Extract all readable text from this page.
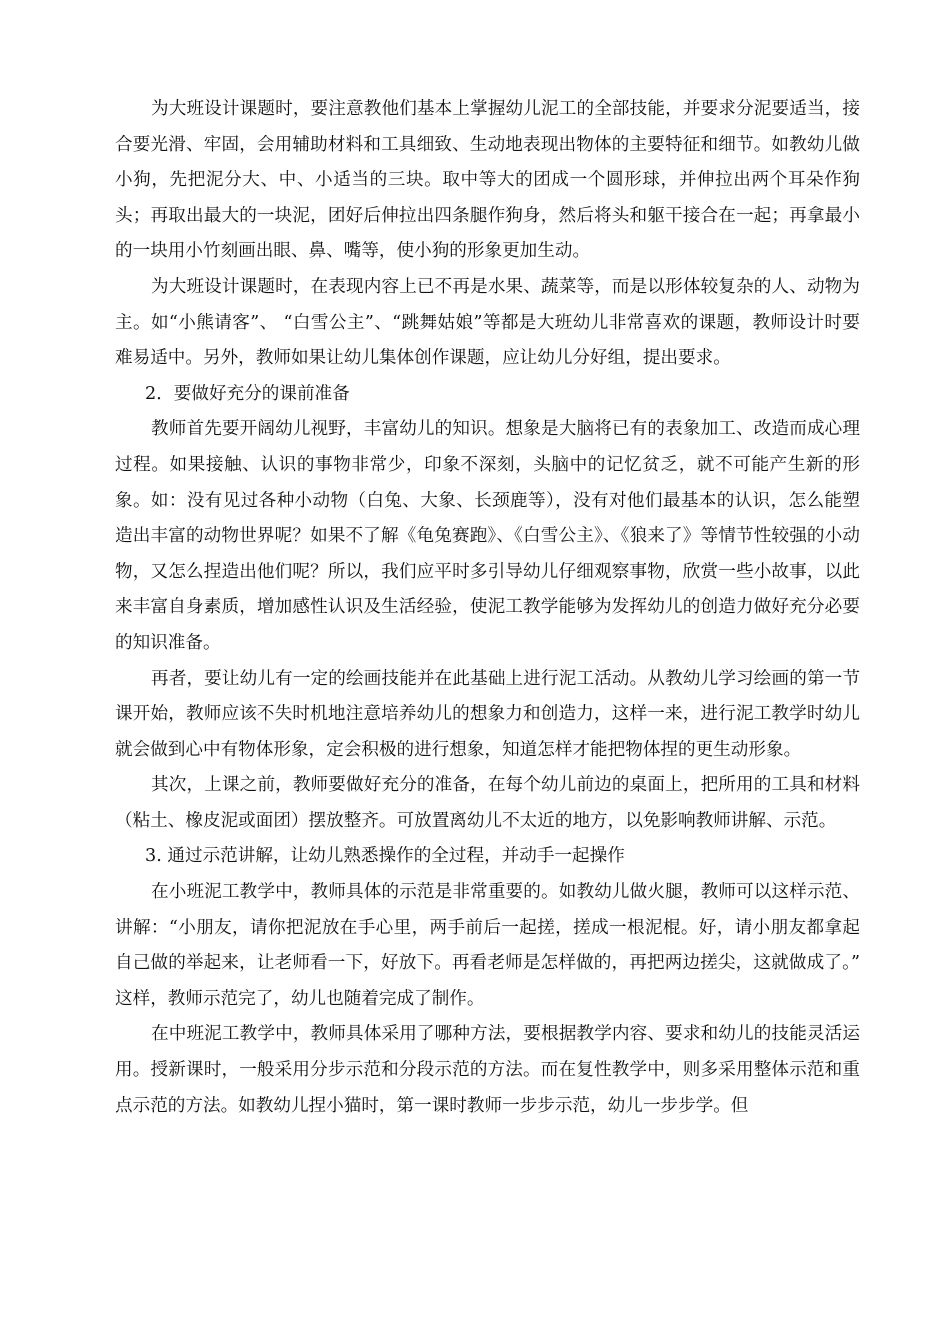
为大班设计课题时，要注意教他们基本上掌握幼儿泥工的全部技能，并要求分泥要适当，接合要光滑、牢固，会用辅助材料和工具细致、生动地表现出物体的主要特征和细节。如教幼儿做小狗，先把泥分大、中、小适当的三块。取中等大的团成一个圆形球，并伸拉出两个耳朵作狗头；再取出最大的一块泥，团好后伸拉出四条腿作狗身，然后将头和躯干接合在一起；再拿最小的一块用小竹刻画出眼、鼻、嘴等，使小狗的形象更加生动。

为大班设计课题时，在表现内容上已不再是水果、蔬菜等，而是以形体较复杂的人、动物为主。如“小熊请客”、 “白雪公主”、“跳舞姑娘”等都是大班幼儿非常喜欢的课题，教师设计时要难易适中。另外，教师如果让幼儿集体创作课题，应让幼儿分好组，提出要求。

2．要做好充分的课前准备

教师首先要开阔幼儿视野，丰富幼儿的知识。想象是大脑将已有的表象加工、改造而成心理过程。如果接触、认识的事物非常少，印象不深刻，头脑中的记忆贫乏，就不可能产生新的形象。如：没有见过各种小动物（白兔、大象、长颈鹿等），没有对他们最基本的认识，怎么能塑造出丰富的动物世界呢？如果不了解《龟兔赛跑》、《白雪公主》、《狼来了》等情节性较强的小动物，又怎么捏造出他们呢？所以，我们应平时多引导幼儿仔细观察事物，欣赏一些小故事，以此来丰富自身素质，增加感性认识及生活经验，使泥工教学能够为发挥幼儿的创造力做好充分必要的知识准备。

再者，要让幼儿有一定的绘画技能并在此基础上进行泥工活动。从教幼儿学习绘画的第一节课开始，教师应该不失时机地注意培养幼儿的想象力和创造力，这样一来，进行泥工教学时幼儿就会做到心中有物体形象，定会积极的进行想象，知道怎样才能把物体捏的更生动形象。

其次，上课之前，教师要做好充分的准备，在每个幼儿前边的桌面上，把所用的工具和材料（粘土、橡皮泥或面团）摆放整齐。可放置离幼儿不太近的地方，以免影响教师讲解、示范。

3. 通过示范讲解，让幼儿熟悉操作的全过程，并动手一起操作

在小班泥工教学中，教师具体的示范是非常重要的。如教幼儿做火腿，教师可以这样示范、讲解：“小朋友，请你把泥放在手心里，两手前后一起搓，搓成一根泥棍。好，请小朋友都拿起自己做的举起来，让老师看一下，好放下。再看老师是怎样做的，再把两边搓尖，这就做成了。” 这样，教师示范完了，幼儿也随着完成了制作。

在中班泥工教学中，教师具体采用了哪种方法，要根据教学内容、要求和幼儿的技能灵活运用。授新课时，一般采用分步示范和分段示范的方法。而在复性教学中，则多采用整体示范和重点示范的方法。如教幼儿捏小猫时，第一课时教师一步步示范，幼儿一步步学。但
